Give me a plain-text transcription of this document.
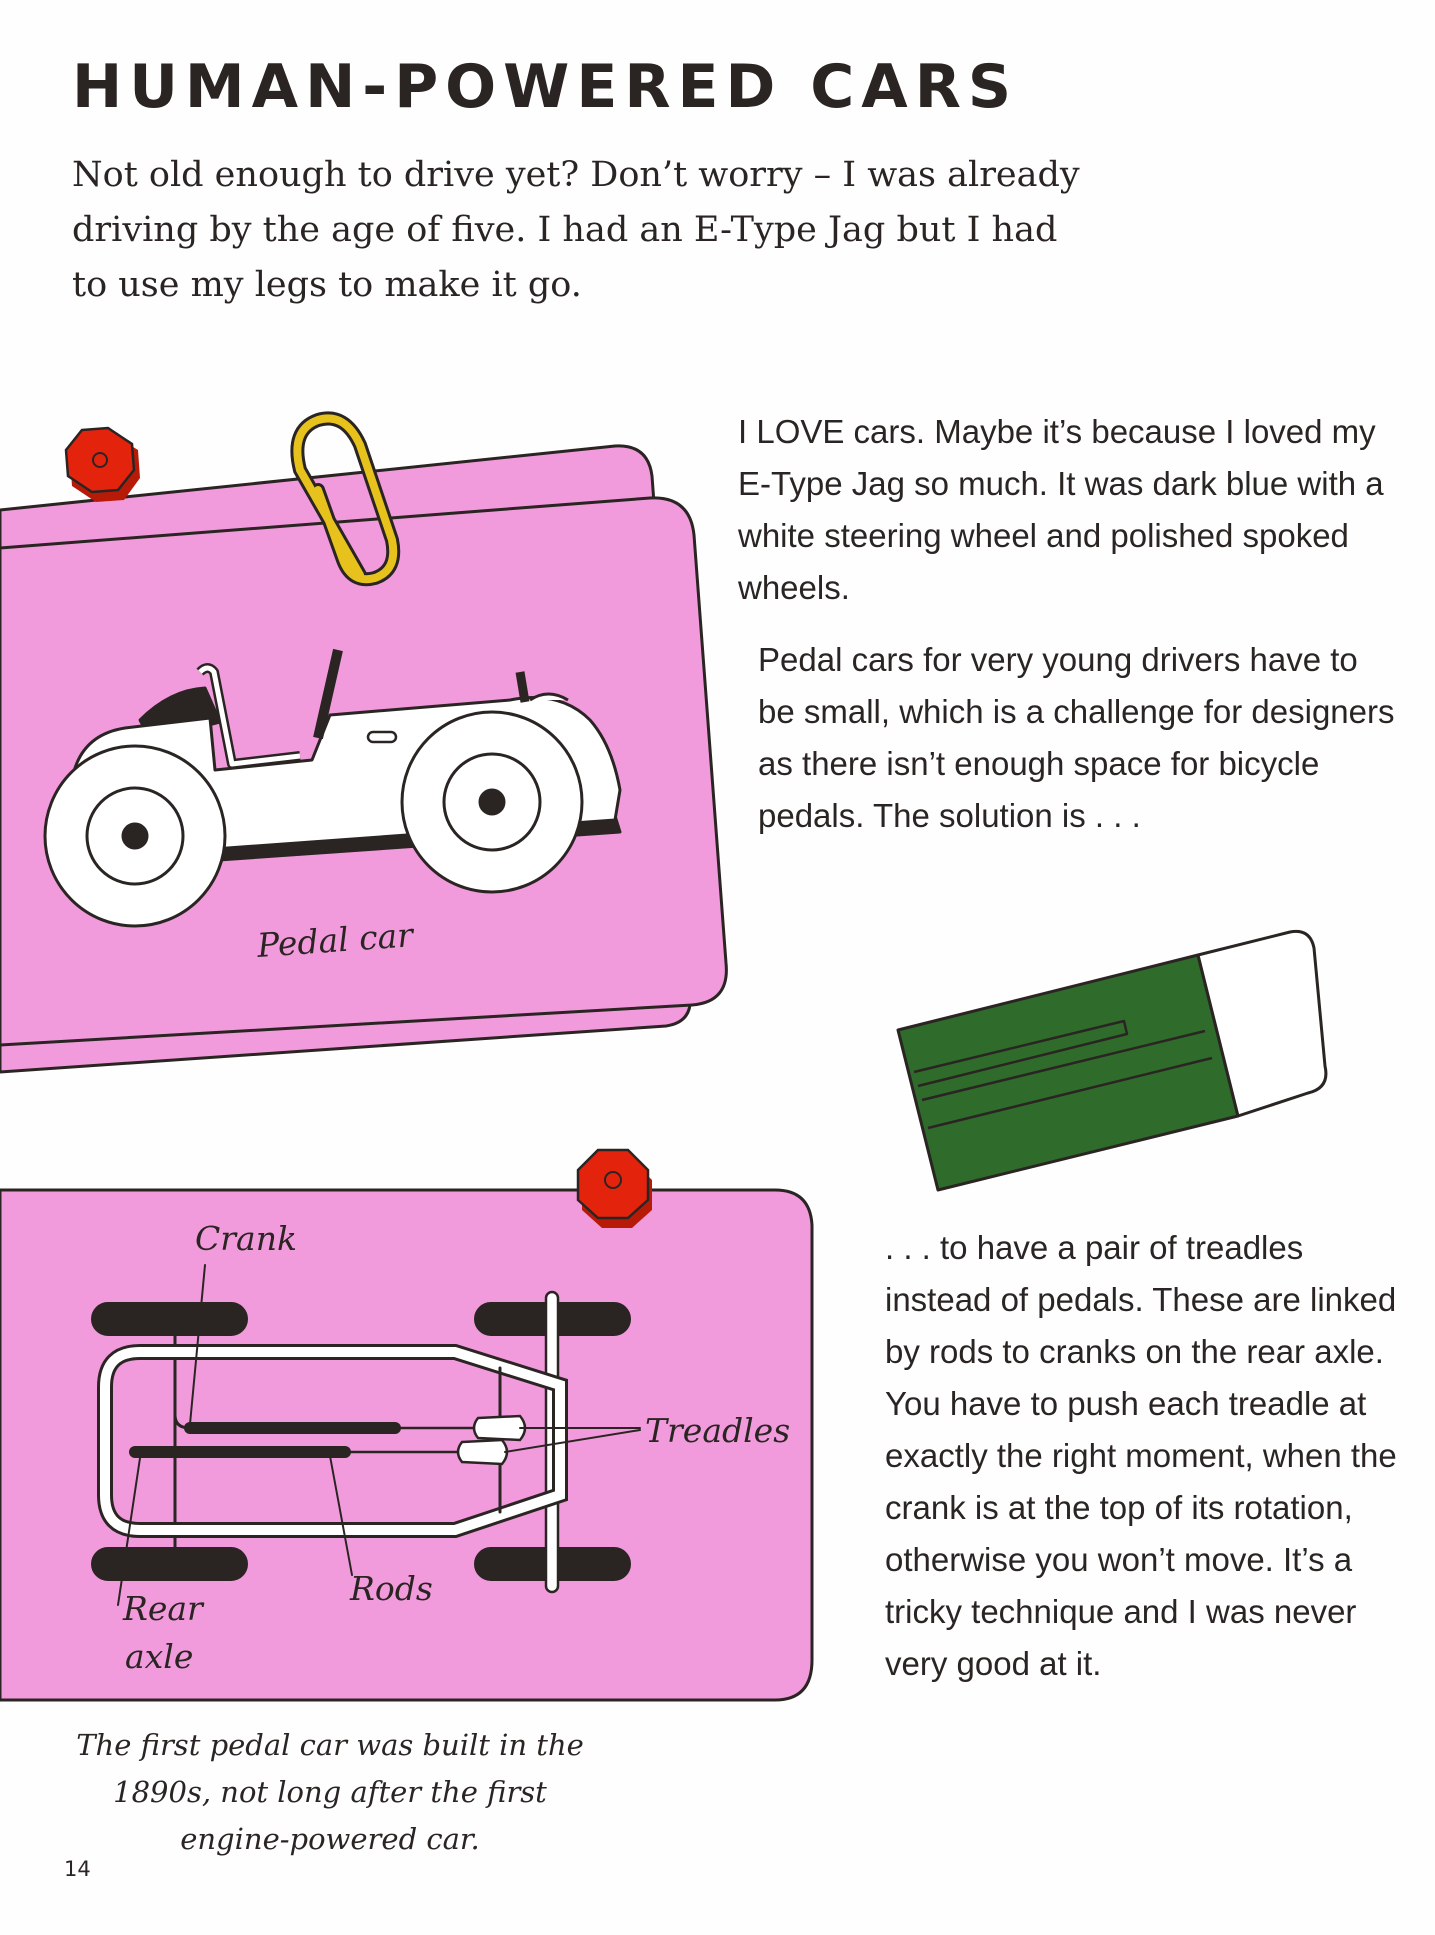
HUMAN-POWERED CARS

Not old enough to drive yet? Don’t worry – I was already driving by the age of five. I had an E-Type Jag but I had to use my legs to make it go.

Pedal car
Crank
Treadles
Rods
Rear
axle

I LOVE cars. Maybe it’s because I loved my E-Type Jag so much. It was dark blue with a white steering wheel and polished spoked wheels.

Pedal cars for very young drivers have to be small, which is a challenge for designers as there isn’t enough space for bicycle pedals. The solution is . . .

. . . to have a pair of treadles instead of pedals. These are linked by rods to cranks on the rear axle. You have to push each treadle at exactly the right moment, when the crank is at the top of its rotation, otherwise you won’t move. It’s a tricky technique and I was never very good at it.

The first pedal car was built in the 1890s, not long after the first engine-powered car.

14
